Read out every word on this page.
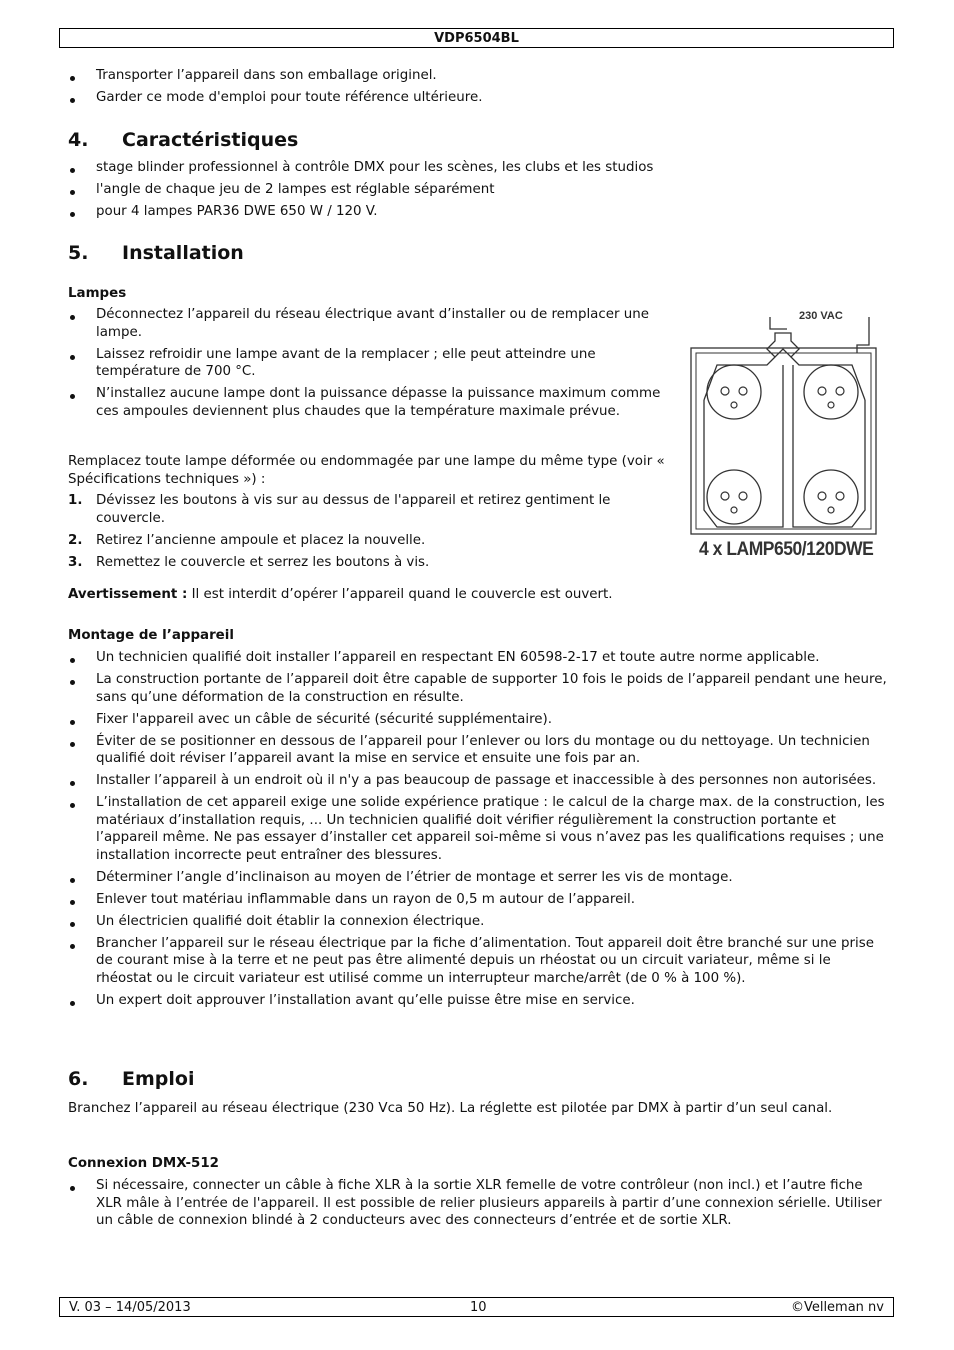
VDP6504BL
Transporter l’appareil dans son emballage originel.
Garder ce mode d'emploi pour toute référence ultérieure.
4. Caractéristiques
stage blinder professionnel à contrôle DMX pour les scènes, les clubs et les studios
l'angle de chaque jeu de 2 lampes est réglable séparément
pour 4 lampes PAR36 DWE 650 W / 120 V.
5. Installation
Lampes
Déconnectez l’appareil du réseau électrique avant d’installer ou de remplacer une lampe.
Laissez refroidir une lampe avant de la remplacer ; elle peut atteindre une température de 700 °C.
N’installez aucune lampe dont la puissance dépasse la puissance maximum comme ces ampoules deviennent plus chaudes que la température maximale prévue.

Remplacez toute lampe déformée ou endommagée par une lampe du même type (voir « Spécifications techniques ») :

1. Dévissez les boutons à vis sur au dessus de l'appareil et retirez gentiment le couvercle.
2. Retirez l’ancienne ampoule et placez la nouvelle.
3. Remettez le couvercle et serrez les boutons à vis.

Avertissement : Il est interdit d’opérer l’appareil quand le couvercle est ouvert.

Montage de l’appareil
Un technicien qualifié doit installer l’appareil en respectant EN 60598-2-17 et toute autre norme applicable.
La construction portante de l’appareil doit être capable de supporter 10 fois le poids de l’appareil pendant une heure, sans qu’une déformation de la construction en résulte.
Fixer l'appareil avec un câble de sécurité (sécurité supplémentaire).
Éviter de se positionner en dessous de l’appareil pour l’enlever ou lors du montage ou du nettoyage. Un technicien qualifié doit réviser l’appareil avant la mise en service et ensuite une fois par an.
Installer l’appareil à un endroit où il n'y a pas beaucoup de passage et inaccessible à des personnes non autorisées.
L’installation de cet appareil exige une solide expérience pratique : le calcul de la charge max. de la construction, les matériaux d’installation requis, ... Un technicien qualifié doit vérifier régulièrement la construction portante et l’appareil même. Ne pas essayer d’installer cet appareil soi-même si vous n’avez pas les qualifications requises ; une installation incorrecte peut entraîner des blessures.
Déterminer l’angle d’inclinaison au moyen de l’étrier de montage et serrer les vis de montage.
Enlever tout matériau inflammable dans un rayon de 0,5 m autour de l’appareil.
Un électricien qualifié doit établir la connexion électrique.
Brancher l’appareil sur le réseau électrique par la fiche d’alimentation. Tout appareil doit être branché sur une prise de courant mise à la terre et ne peut pas être alimenté depuis un rhéostat ou un circuit variateur, même si le rhéostat ou le circuit variateur est utilisé comme un interrupteur marche/arrêt (de 0 % à 100 %).
Un expert doit approuver l’installation avant qu’elle puisse être mise en service.
6. Emploi

Branchez l’appareil au réseau électrique (230 Vca 50 Hz). La réglette est pilotée par DMX à partir d’un seul canal.

Connexion DMX-512
Si nécessaire, connecter un câble à fiche XLR à la sortie XLR femelle de votre contrôleur (non incl.) et l’autre fiche XLR mâle à l’entrée de l'appareil. Il est possible de relier plusieurs appareils à partir d’une connexion sérielle. Utiliser un câble de connexion blindé à 2 conducteurs avec des connecteurs d’entrée et de sortie XLR.
230 VAC
4 x LAMP650/120DWE
V. 03 – 14/05/2013	10	©Velleman nv
